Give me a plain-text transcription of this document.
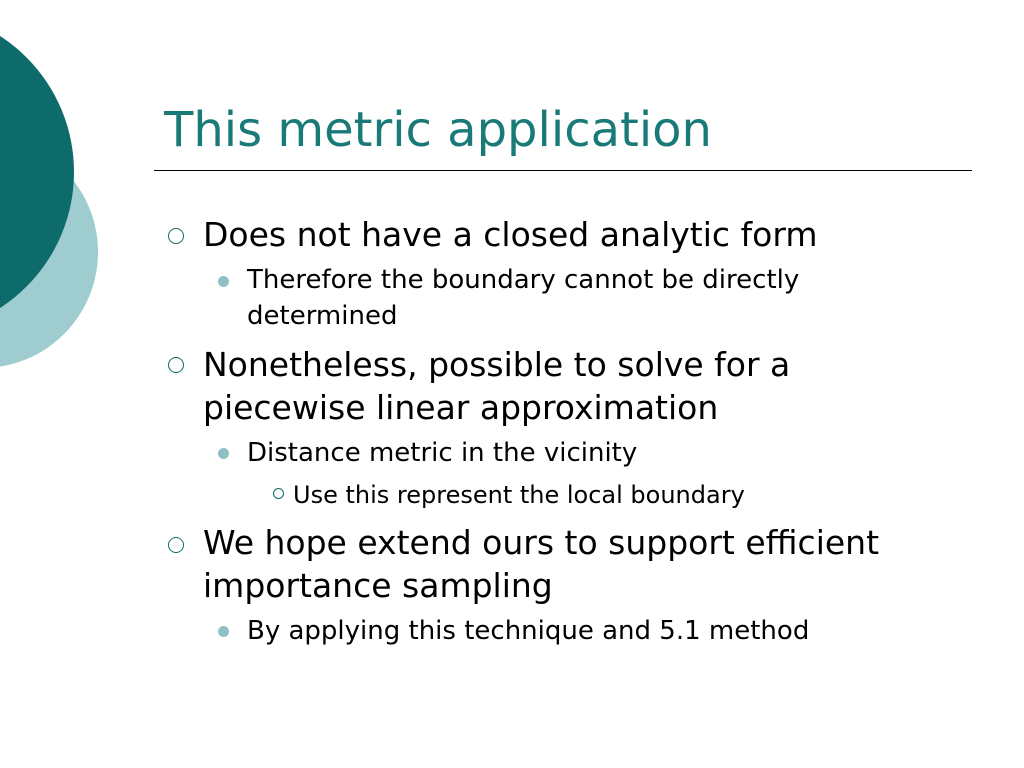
This metric application
Does not have a closed analytic form
Therefore the boundary cannot be directly
determined
Nonetheless, possible to solve for a
piecewise linear approximation
Distance metric in the vicinity
Use this represent the local boundary
We hope extend ours to support efficient
importance sampling
By applying this technique and 5.1 method
